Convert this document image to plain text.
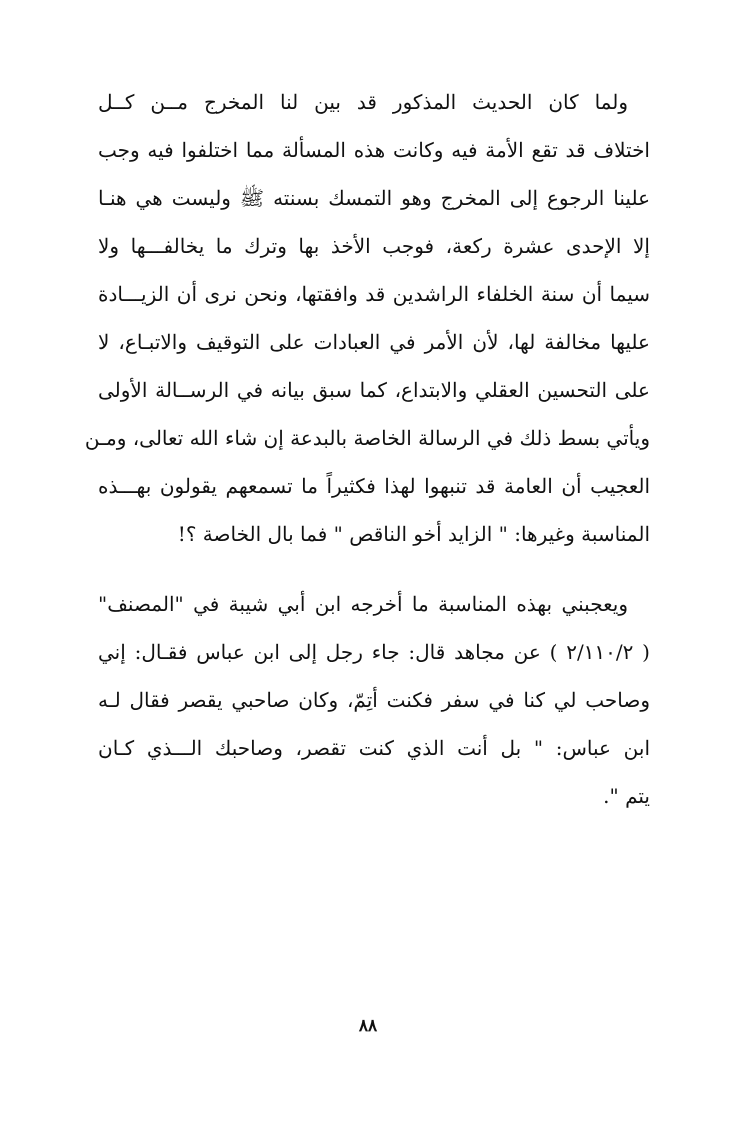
ولما كان الحديث المذكور قد بين لنا المخرج مــن كــل
اختلاف قد تقع الأمة فيه وكانت هذه المسألة مما اختلفوا فيه وجب
علينا الرجوع إلى المخرج وهو التمسك بسنته ﷺ وليست هي هنـا
إلا الإحدى عشرة ركعة، فوجب الأخذ بها وترك ما يخالفـــها ولا
سيما أن سنة الخلفاء الراشدين قد وافقتها، ونحن نرى أن الزيـــادة
عليها مخالفة لها، لأن الأمر في العبادات على التوقيف والاتبـاع، لا
على التحسين العقلي والابتداع، كما سبق بيانه في الرســالة الأولى
ويأتي بسط ذلك في الرسالة الخاصة بالبدعة إن شاء الله تعالى، ومـن
العجيب أن العامة قد تنبهوا لهذا فكثيراً ما تسمعهم يقولون بهـــذه
المناسبة وغيرها: " الزايد أخو الناقص " فما بال الخاصة ؟!
ويعجبني بهذه المناسبة ما أخرجه ابن أبي شيبة في "المصنف"
( ٢/١١٠/٢ ) عن مجاهد قال: جاء رجل إلى ابن عباس فقـال: إني
وصاحب لي كنا في سفر فكنت أتِمّ، وكان صاحبي يقصر فقال لـه
ابن عباس: " بل أنت الذي كنت تقصر، وصاحبك الـــذي كـان
يتم ".
٨٨
